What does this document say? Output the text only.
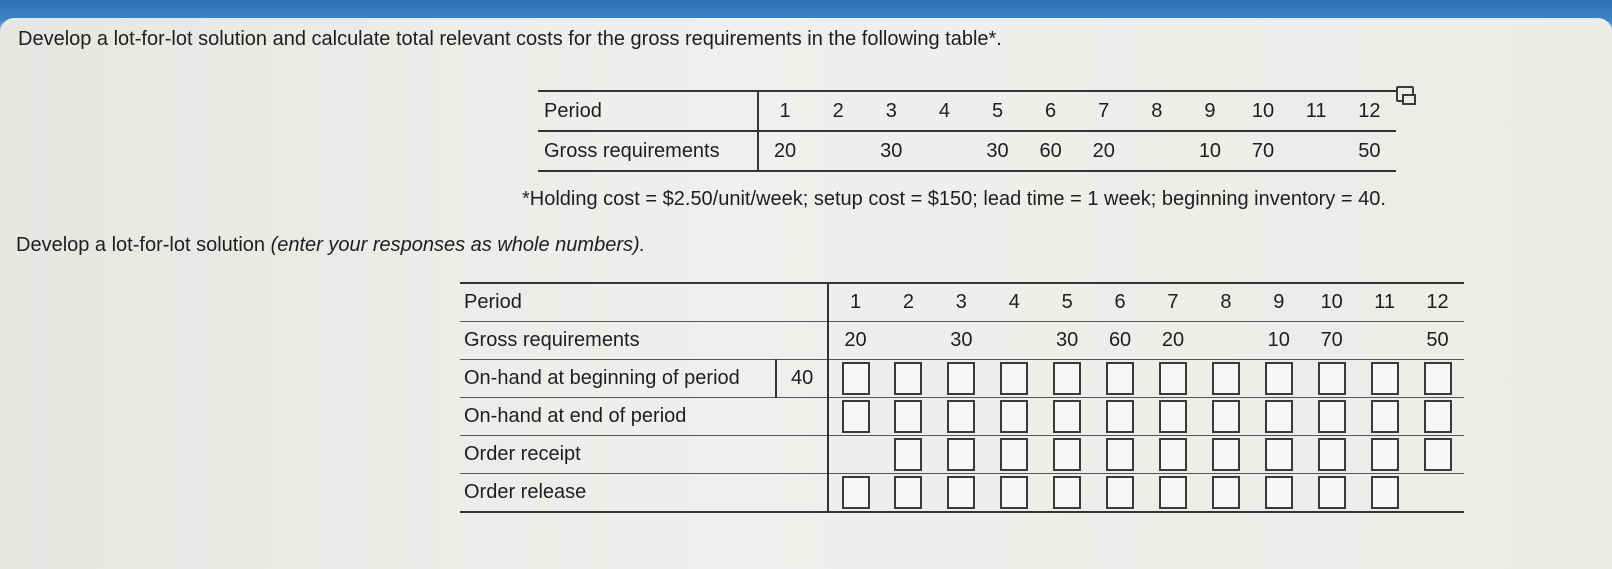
Develop a lot-for-lot solution and calculate total relevant costs for the gross requirements in the following table*.
Period	1	2	3	4	5	6	7	8	9	10	11	12
Gross requirements	20		30		30	60	20		10	70		50
*Holding cost = $2.50/unit/week; setup cost = $150; lead time = 1 week; beginning inventory = 40.
Develop a lot-for-lot solution (enter your responses as whole numbers).
Period		1	2	3	4	5	6	7	8	9	10	11	12
Gross requirements		20		30		30	60	20		10	70		50
On-hand at beginning of period	40												
On-hand at end of period													
Order receipt													
Order release													
